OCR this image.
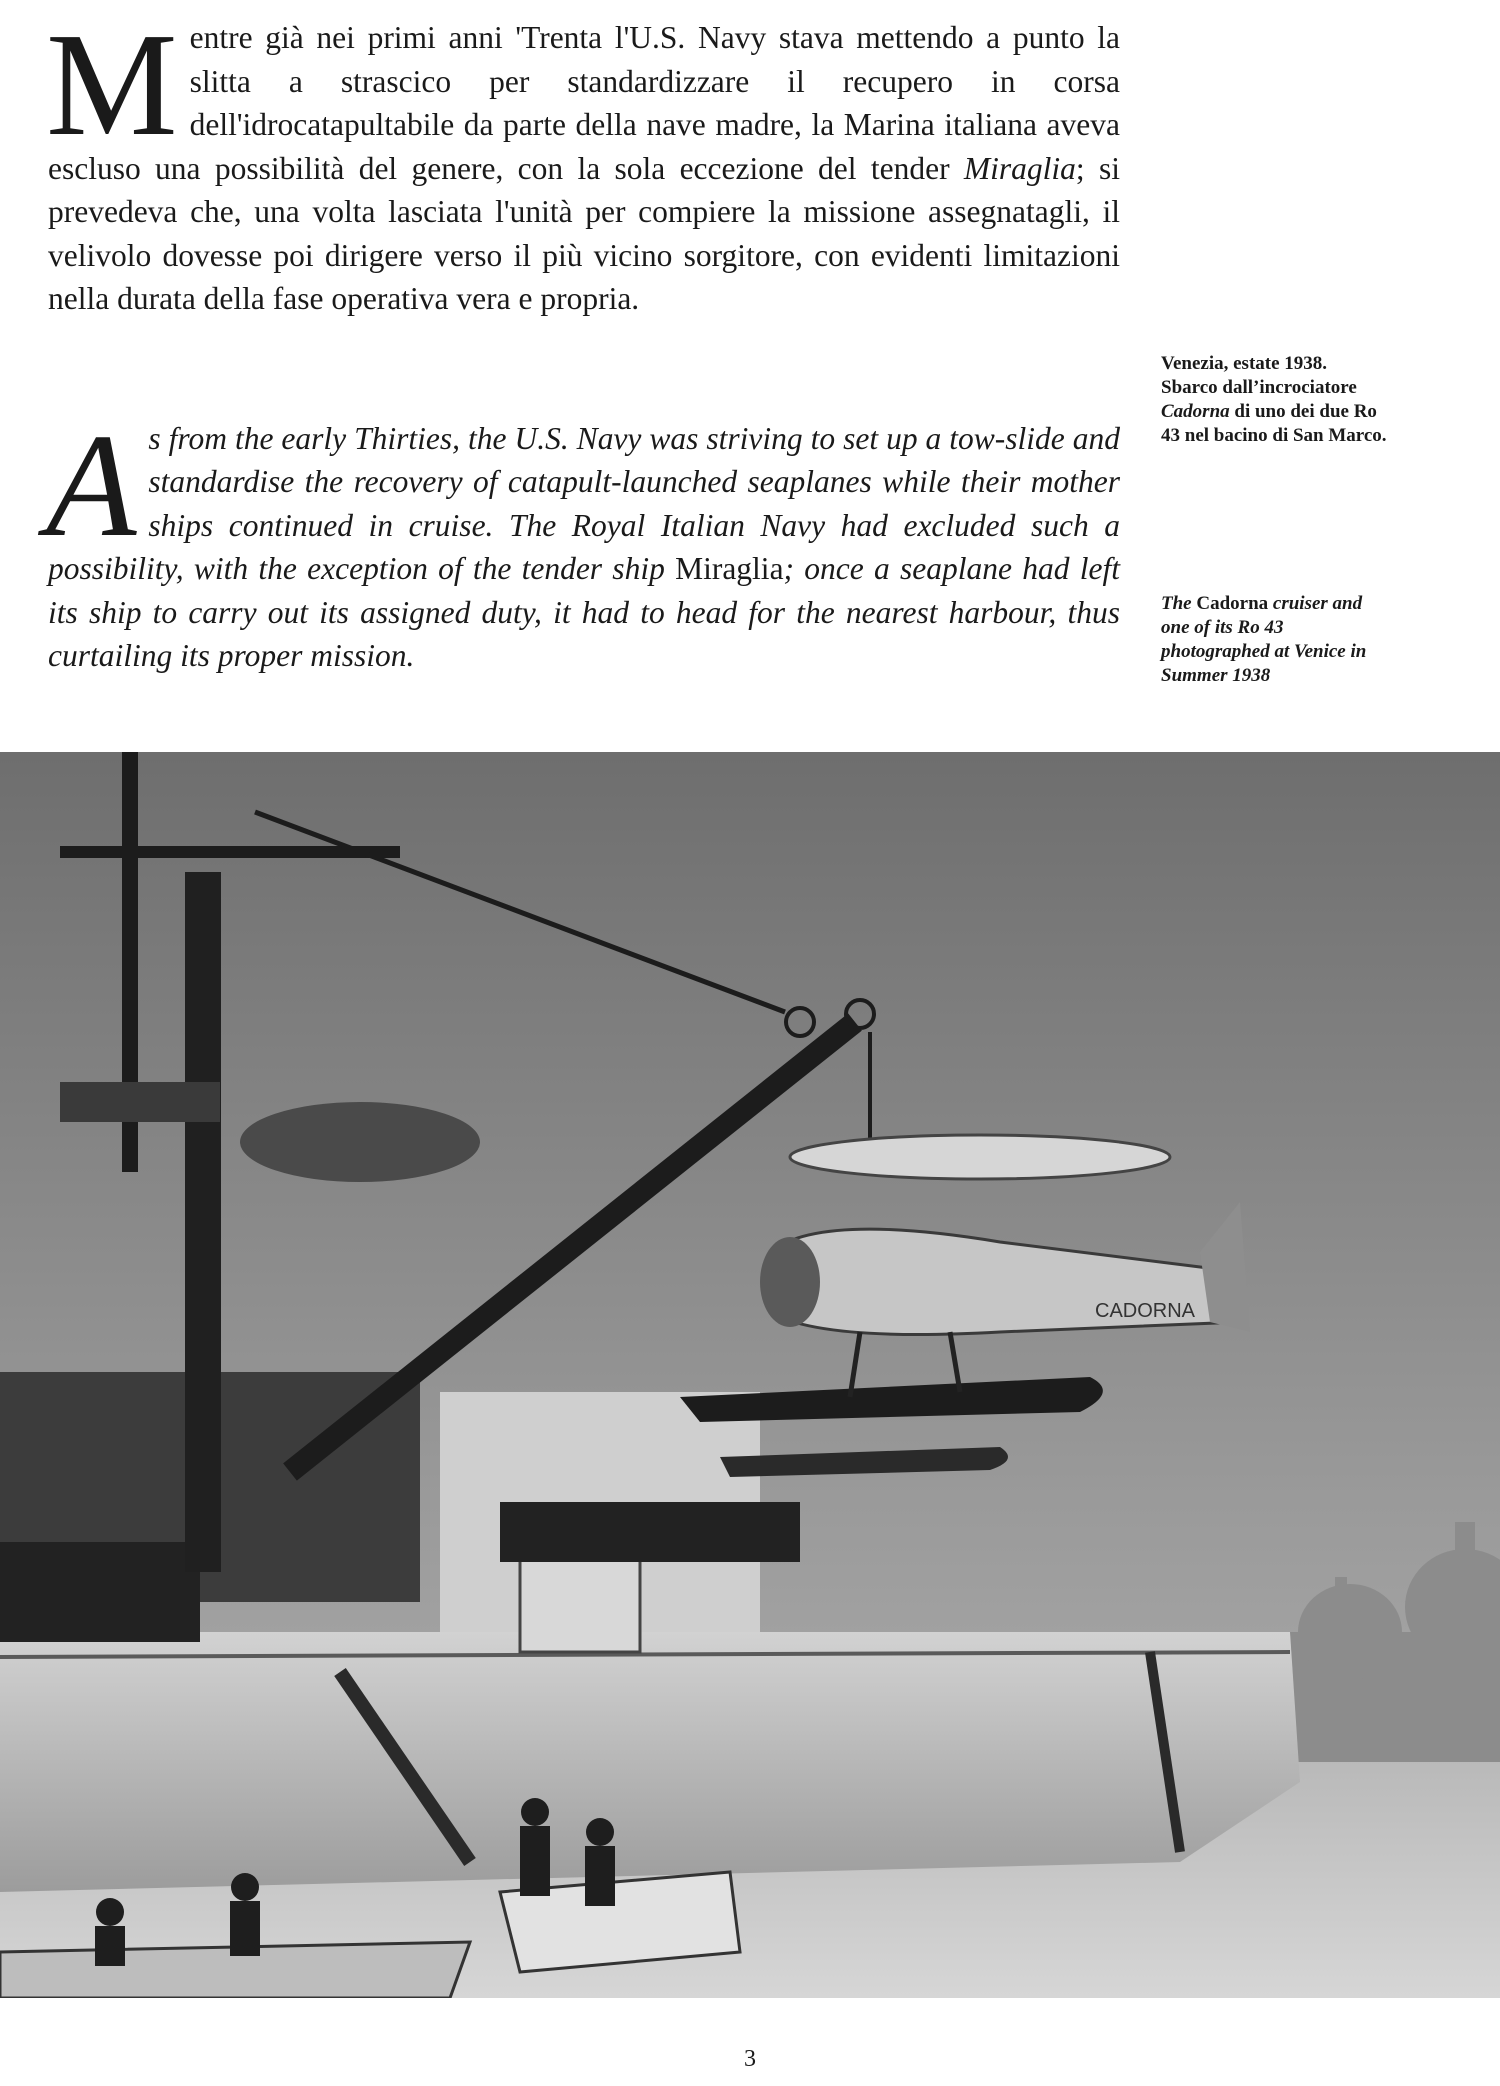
Mentre già nei primi anni 'Trenta l'U.S. Navy stava mettendo a punto la slitta a strascico per standardizzare il recupero in corsa dell'idrocatapultabile da parte della nave madre, la Marina italiana aveva escluso una possibilità del genere, con la sola eccezione del tender Miraglia; si prevedeva che, una volta lasciata l'unità per compiere la missione assegnatagli, il velivolo dovesse poi dirigere verso il più vicino sorgitore, con evidenti limitazioni nella durata della fase operativa vera e propria.

As from the early Thirties, the U.S. Navy was striving to set up a tow-slide and standardise the recovery of catapult-launched seaplanes while their mother ships continued in cruise. The Royal Italian Navy had excluded such a possibility, with the exception of the tender ship Miraglia; once a seaplane had left its ship to carry out its assigned duty, it had to head for the nearest harbour, thus curtailing its proper mission.

Venezia, estate 1938.
Sbarco dall’incrociatore
Cadorna di uno dei due Ro 43 nel bacino di San Marco.
The Cadorna cruiser and one of its Ro 43 photographed at Venice in Summer 1938
CADORNA
3
